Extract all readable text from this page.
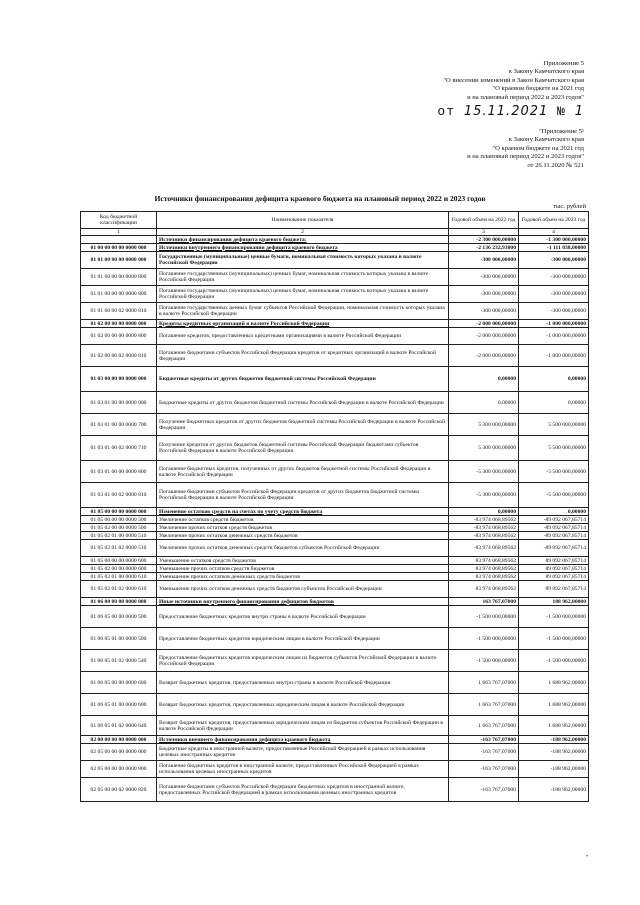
Приложение 5
к Закону Камчатского края
"О внесении изменений в Закон Камчатского края
"О краевом бюджете на 2021 год
и на плановый период 2022 и 2023 годов"
от 15.11.2021 № 1
"Приложение 5¹
к Закону Камчатского края
"О краевом бюджете на 2021 год
и на плановый период 2022 и 2023 годов"
от 26.11.2020 № 521
Источники финансирования дефицита краевого бюджета на плановый период 2022 и 2023 годов
тыс. рублей
Код бюджетной классификации	Наименование показателя	Годовой объем на 2022 год	Годовой объем на 2023 год
1	2	3	4
	Источники финансирования дефицита краевого бюджета:	-2 300 000,00000	-1 300 000,00000
01 00 00 00 00 0000 000	Источники внутреннего финансирования дефицита краевого бюджета	-2 136 232,93000	-1 111 038,00000
01 01 00 00 00 0000 000	Государственные (муниципальные) ценные бумаги, номинальная стоимость которых указана в валюте Российской Федерации	-300 000,00000	-300 000,00000
01 01 00 00 00 0000 800	Погашение государственных (муниципальных) ценных бумаг, номинальная стоимость которых указана в валюте Российской Федерации	-300 000,00000	-300 000,00000
01 01 00 00 00 0000 800	Погашение государственных (муниципальных) ценных бумаг, номинальная стоимость которых указана в валюте Российской Федерации	-300 000,00000	-300 000,00000
01 01 00 00 02 0000 810	Погашение государственных ценных бумаг субъектов Российской Федерации, номинальная стоимость которых указана в валюте Российской Федерации	-300 000,00000	-300 000,00000
01 02 00 00 00 0000 000	Кредиты кредитных организаций в валюте Российской Федерации	-2 000 000,00000	-1 000 000,00000
01 02 00 00 00 0000 800	Погашение кредитов, предоставленных кредитными организациями в валюте Российской Федерации	-2 000 000,00000	-1 000 000,00000
01 02 00 00 02 0000 810	Погашение бюджетами субъектов Российской Федерации кредитов от кредитных организаций в валюте Российской Федерации	-2 000 000,00000	-1 000 000,00000
01 03 00 00 00 0000 000	Бюджетные кредиты от других бюджетов бюджетной системы Российской Федерации	0,00000	0,00000
01 03 01 00 00 0000 000	Бюджетные кредиты от других бюджетов бюджетной системы Российской Федерации в валюте Российской Федерации	0,00000	0,00000
01 03 01 00 00 0000 700	Получение бюджетных кредитов от других бюджетов бюджетной системы Российской Федерации в валюте Российской Федерации	5 300 000,00000	5 500 000,00000
01 03 01 00 02 0000 710	Получение кредитов от других бюджетов бюджетной системы Российской Федерации бюджетами субъектов Российской Федерации в валюте Российской Федерации	5 300 000,00000	5 500 000,00000
01 03 01 00 00 0000 800	Погашение бюджетных кредитов, полученных от других бюджетов бюджетной системы Российской Федерации в валюте Российской Федерации	-5 300 000,00000	-5 500 000,00000
01 03 01 00 02 0000 810	Погашение бюджетами субъектов Российской Федерации кредитов от других бюджетов бюджетной системы Российской Федерации в валюте Российской Федерации	-5 300 000,00000	-5 500 000,00000
01 05 00 00 00 0000 000	Изменение остатков средств на счетах по учету средств бюджета	0,00000	0,00000
01 05 00 00 00 0000 500	Увеличение остатков средств бюджетов	-83 974 068,89562	-89 092 067,85714
01 05 02 00 00 0000 500	Увеличение прочих остатков средств бюджетов	-83 974 068,89562	-89 092 067,85714
01 05 02 01 00 0000 510	Увеличение прочих остатков денежных средств бюджетов	-83 974 068,89562	-89 092 067,85714
01 05 02 01 02 0000 510	Увеличение прочих остатков денежных средств бюджетов субъектов Российской Федерации	-83 974 068,89562	-89 092 067,85714
01 05 00 00 00 0000 600	Уменьшение остатков средств бюджетов	83 974 068,89562	89 092 067,85714
01 05 02 00 00 0000 600	Уменьшение прочих остатков средств бюджетов	83 974 068,89562	89 092 067,85714
01 05 02 01 00 0000 610	Уменьшение прочих остатков денежных средств бюджетов	83 974 068,89562	89 092 067,85714
01 05 02 01 02 0000 610	Уменьшение прочих остатков денежных средств бюджетов субъектов Российской Федерации	83 974 068,89562	89 092 067,85714
01 06 00 00 00 0000 000	Иные источники внутреннего финансирования дефицитов бюджетов	163 767,07000	188 962,00000
01 06 05 00 00 0000 500	Предоставление бюджетных кредитов внутри страны в валюте Российской Федерации	-1 500 000,00000	-1 500 000,00000
01 06 05 01 00 0000 500	Предоставление бюджетных кредитов юридическим лицам в валюте Российской Федерации	-1 500 000,00000	-1 500 000,00000
01 06 05 01 02 0000 540	Предоставление бюджетных кредитов юридическим лицам из бюджетов субъектов Российской Федерации в валюте Российской Федерации	-1 500 000,00000	-1 500 000,00000
01 06 05 00 00 0000 600	Возврат бюджетных кредитов, предоставленных внутри страны в валюте Российской Федерации	1 663 767,07000	1 688 962,00000
01 06 05 01 00 0000 600	Возврат бюджетных кредитов, предоставленных юридическим лицам в валюте Российской Федерации	1 663 767,07000	1 688 962,00000
01 06 05 01 02 0000 640	Возврат бюджетных кредитов, предоставленных юридическим лицам из бюджетов субъектов Российской Федерации в валюте Российской Федерации	1 663 767,07000	1 688 962,00000
02 00 00 00 00 0000 000	Источники внешнего финансирования дефицита краевого бюджета	-163 767,07000	-188 962,00000
02 05 00 00 00 0000 000	Бюджетные кредиты в иностранной валюте, предоставленные Российской Федерацией в рамках использования целевых иностранных кредитов	-163 767,07000	-188 962,00000
02 05 00 00 00 0000 800	Погашение бюджетных кредитов в иностранной валюте, предоставленных Российской Федерацией в рамках использования целевых иностранных кредитов	-163 767,07000	-188 962,00000
02 05 00 00 02 0000 820	Погашение бюджетами субъектов Российской Федерации бюджетных кредитов в иностранной валюте, предоставленных Российской Федерацией в рамках использования целевых иностранных кредитов	-163 767,07000	-188 962,00000
"
